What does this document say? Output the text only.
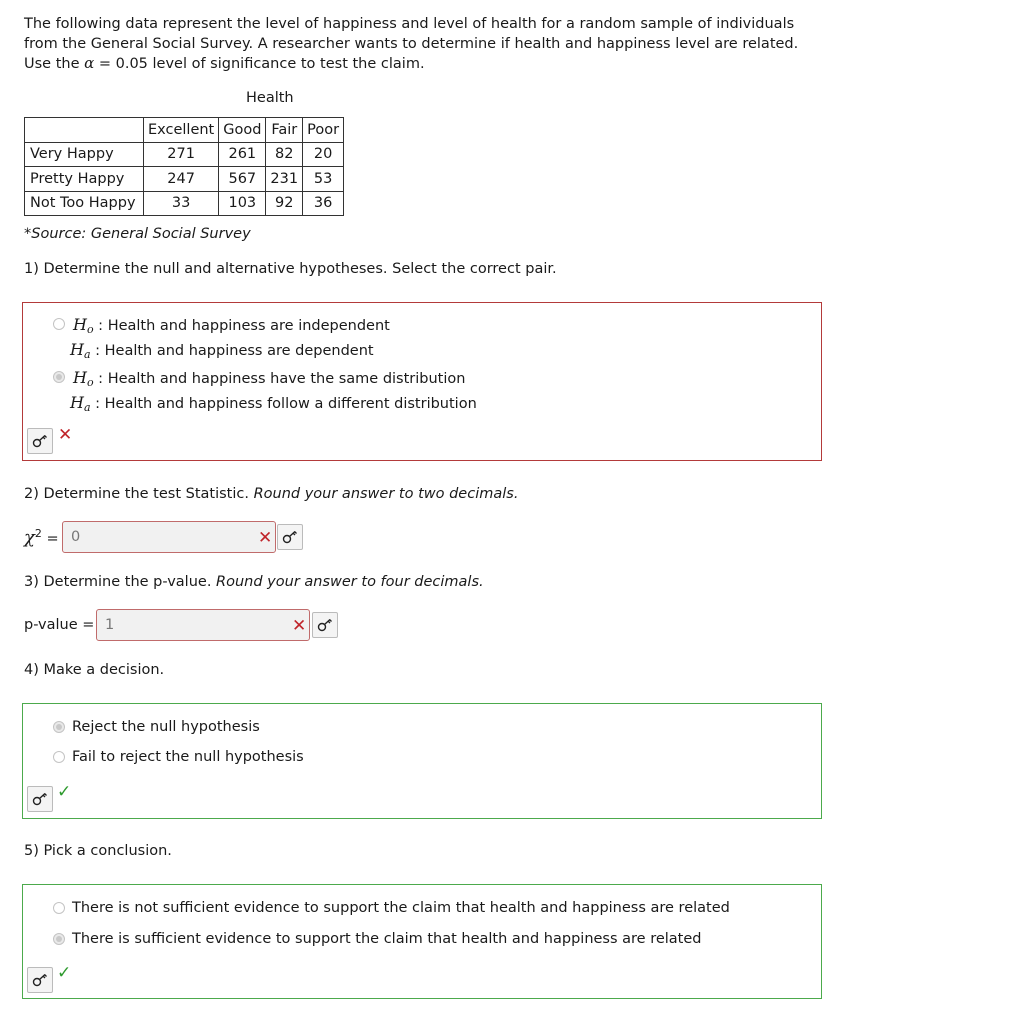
The following data represent the level of happiness and level of health for a random sample of individuals
from the General Social Survey. A researcher wants to determine if health and happiness level are related.
Use the α = 0.05 level of significance to test the claim.
Health
	Excellent	Good	Fair	Poor
Very Happy	271	261	82	20
Pretty Happy	247	567	231	53
Not Too Happy	33	103	92	36
*Source: General Social Survey
1) Determine the null and alternative hypotheses. Select the correct pair.
$H_o$ : Health and happiness are independent
$H_a$ : Health and happiness are dependent
$H_o$ : Health and happiness have the same distribution
$H_a$ : Health and happiness follow a different distribution
✕
2) Determine the test Statistic. Round your answer to two decimals.
$\chi^2 = 0$	✕
3) Determine the p-value. Round your answer to four decimals.
p-value = 1	✕
4) Make a decision.
Reject the null hypothesis
Fail to reject the null hypothesis
✓
5) Pick a conclusion.
There is not sufficient evidence to support the claim that health and happiness are related
There is sufficient evidence to support the claim that health and happiness are related
✓
